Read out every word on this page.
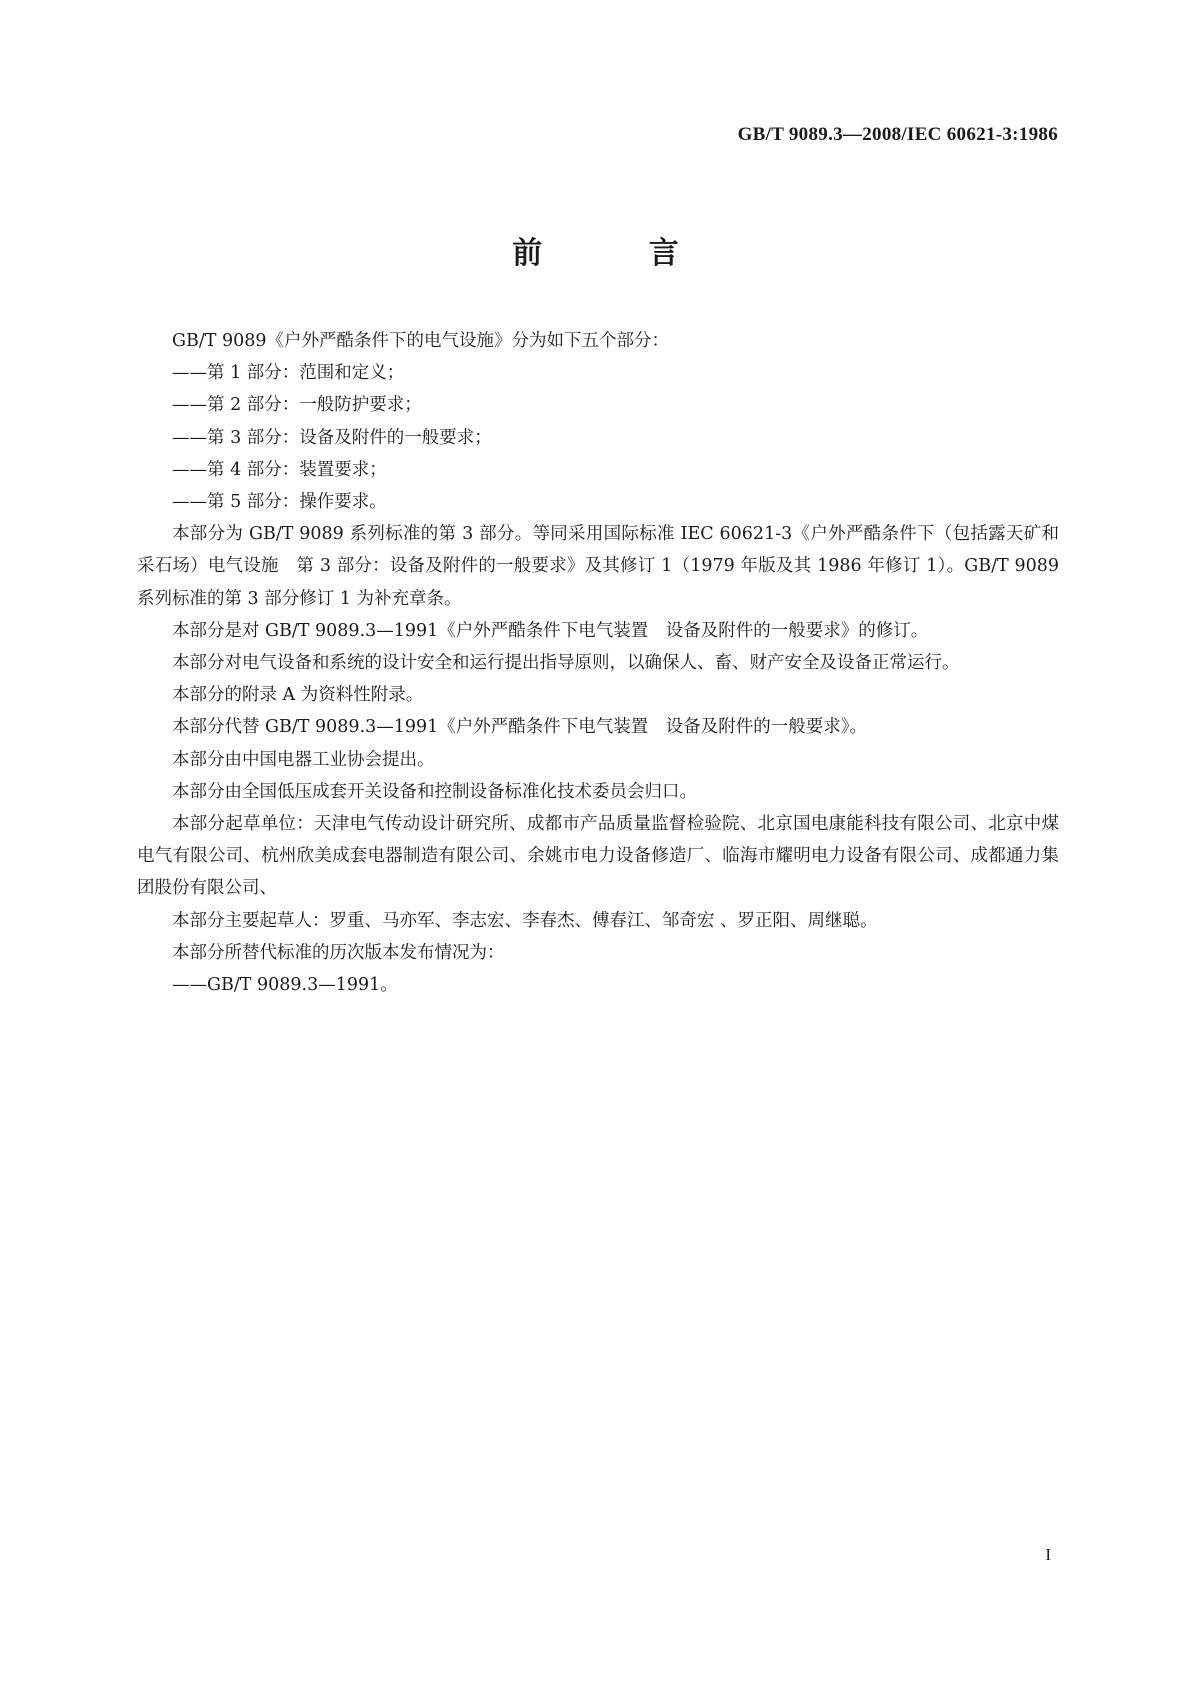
GB/T 9089.3—2008/IEC 60621-3:1986
前 言

GB/T 9089《户外严酷条件下的电气设施》分为如下五个部分：

——第 1 部分：范围和定义；

——第 2 部分：一般防护要求；

——第 3 部分：设备及附件的一般要求；

——第 4 部分：装置要求；

——第 5 部分：操作要求。

本部分为 GB/T 9089 系列标准的第 3 部分。等同采用国际标准 IEC 60621-3《户外严酷条件下（包括露天矿和采石场）电气设施　第 3 部分：设备及附件的一般要求》及其修订 1（1979 年版及其 1986 年修订 1）。GB/T 9089 系列标准的第 3 部分修订 1 为补充章条。

本部分是对 GB/T 9089.3—1991《户外严酷条件下电气装置　设备及附件的一般要求》的修订。

本部分对电气设备和系统的设计安全和运行提出指导原则，以确保人、畜、财产安全及设备正常运行。

本部分的附录 A 为资料性附录。

本部分代替 GB/T 9089.3—1991《户外严酷条件下电气装置　设备及附件的一般要求》。

本部分由中国电器工业协会提出。

本部分由全国低压成套开关设备和控制设备标准化技术委员会归口。

本部分起草单位：天津电气传动设计研究所、成都市产品质量监督检验院、北京国电康能科技有限公司、北京中煤电气有限公司、杭州欣美成套电器制造有限公司、余姚市电力设备修造厂、临海市耀明电力设备有限公司、成都通力集团股份有限公司、

本部分主要起草人：罗重、马亦军、李志宏、李春杰、傅春江、邹奇宏 、罗正阳、周继聪。

本部分所替代标准的历次版本发布情况为：

——GB/T 9089.3—1991。

I
